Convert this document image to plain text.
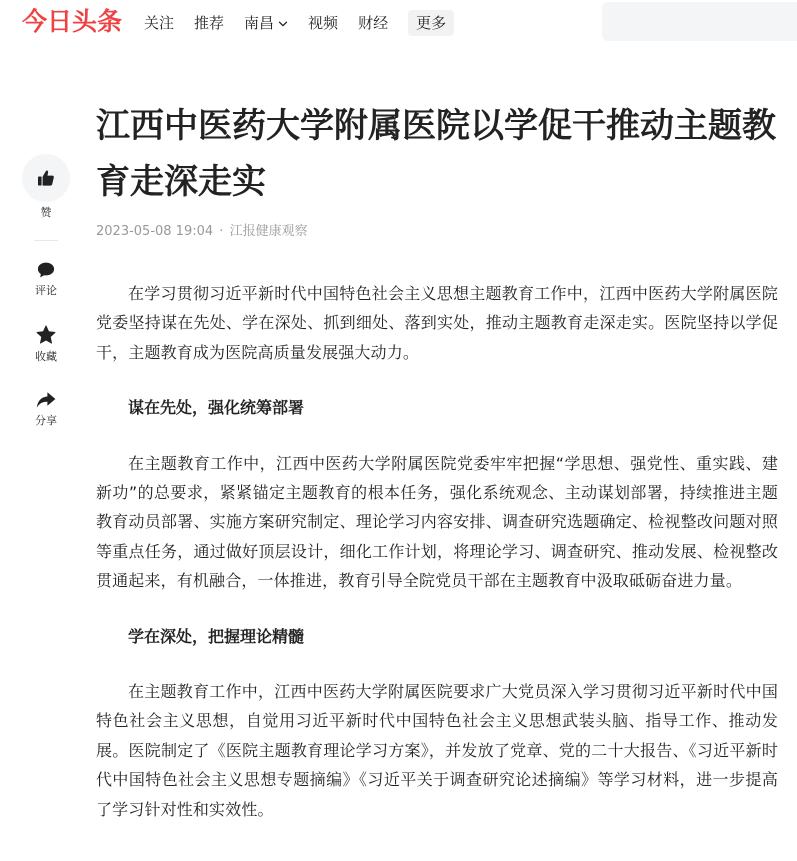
今日头条 关注 推荐 南昌	视频 财经	更多
赞
评论
收藏
分享
江西中医药大学附属医院以学促干推动主题教育走深走实
2023-05-08 19:04 · 江报健康观察

在学习贯彻习近平新时代中国特色社会主义思想主题教育工作中，江西中医药大学附属医院党委坚持谋在先处、学在深处、抓到细处、落到实处，推动主题教育走深走实。医院坚持以学促干，主题教育成为医院高质量发展强大动力。

谋在先处，强化统筹部署

在主题教育工作中，江西中医药大学附属医院党委牢牢把握“学思想、强党性、重实践、建新功”的总要求，紧紧锚定主题教育的根本任务，强化系统观念、主动谋划部署，持续推进主题教育动员部署、实施方案研究制定、理论学习内容安排、调查研究选题确定、检视整改问题对照等重点任务，通过做好顶层设计，细化工作计划，将理论学习、调查研究、推动发展、检视整改贯通起来，有机融合，一体推进，教育引导全院党员干部在主题教育中汲取砥砺奋进力量。

学在深处，把握理论精髓

在主题教育工作中，江西中医药大学附属医院要求广大党员深入学习贯彻习近平新时代中国特色社会主义思想，自觉用习近平新时代中国特色社会主义思想武装头脑、指导工作、推动发展。医院制定了《医院主题教育理论学习方案》，并发放了党章、党的二十大报告、《习近平新时代中国特色社会主义思想专题摘编》《习近平关于调查研究论述摘编》等学习材料，进一步提高了学习针对性和实效性。
